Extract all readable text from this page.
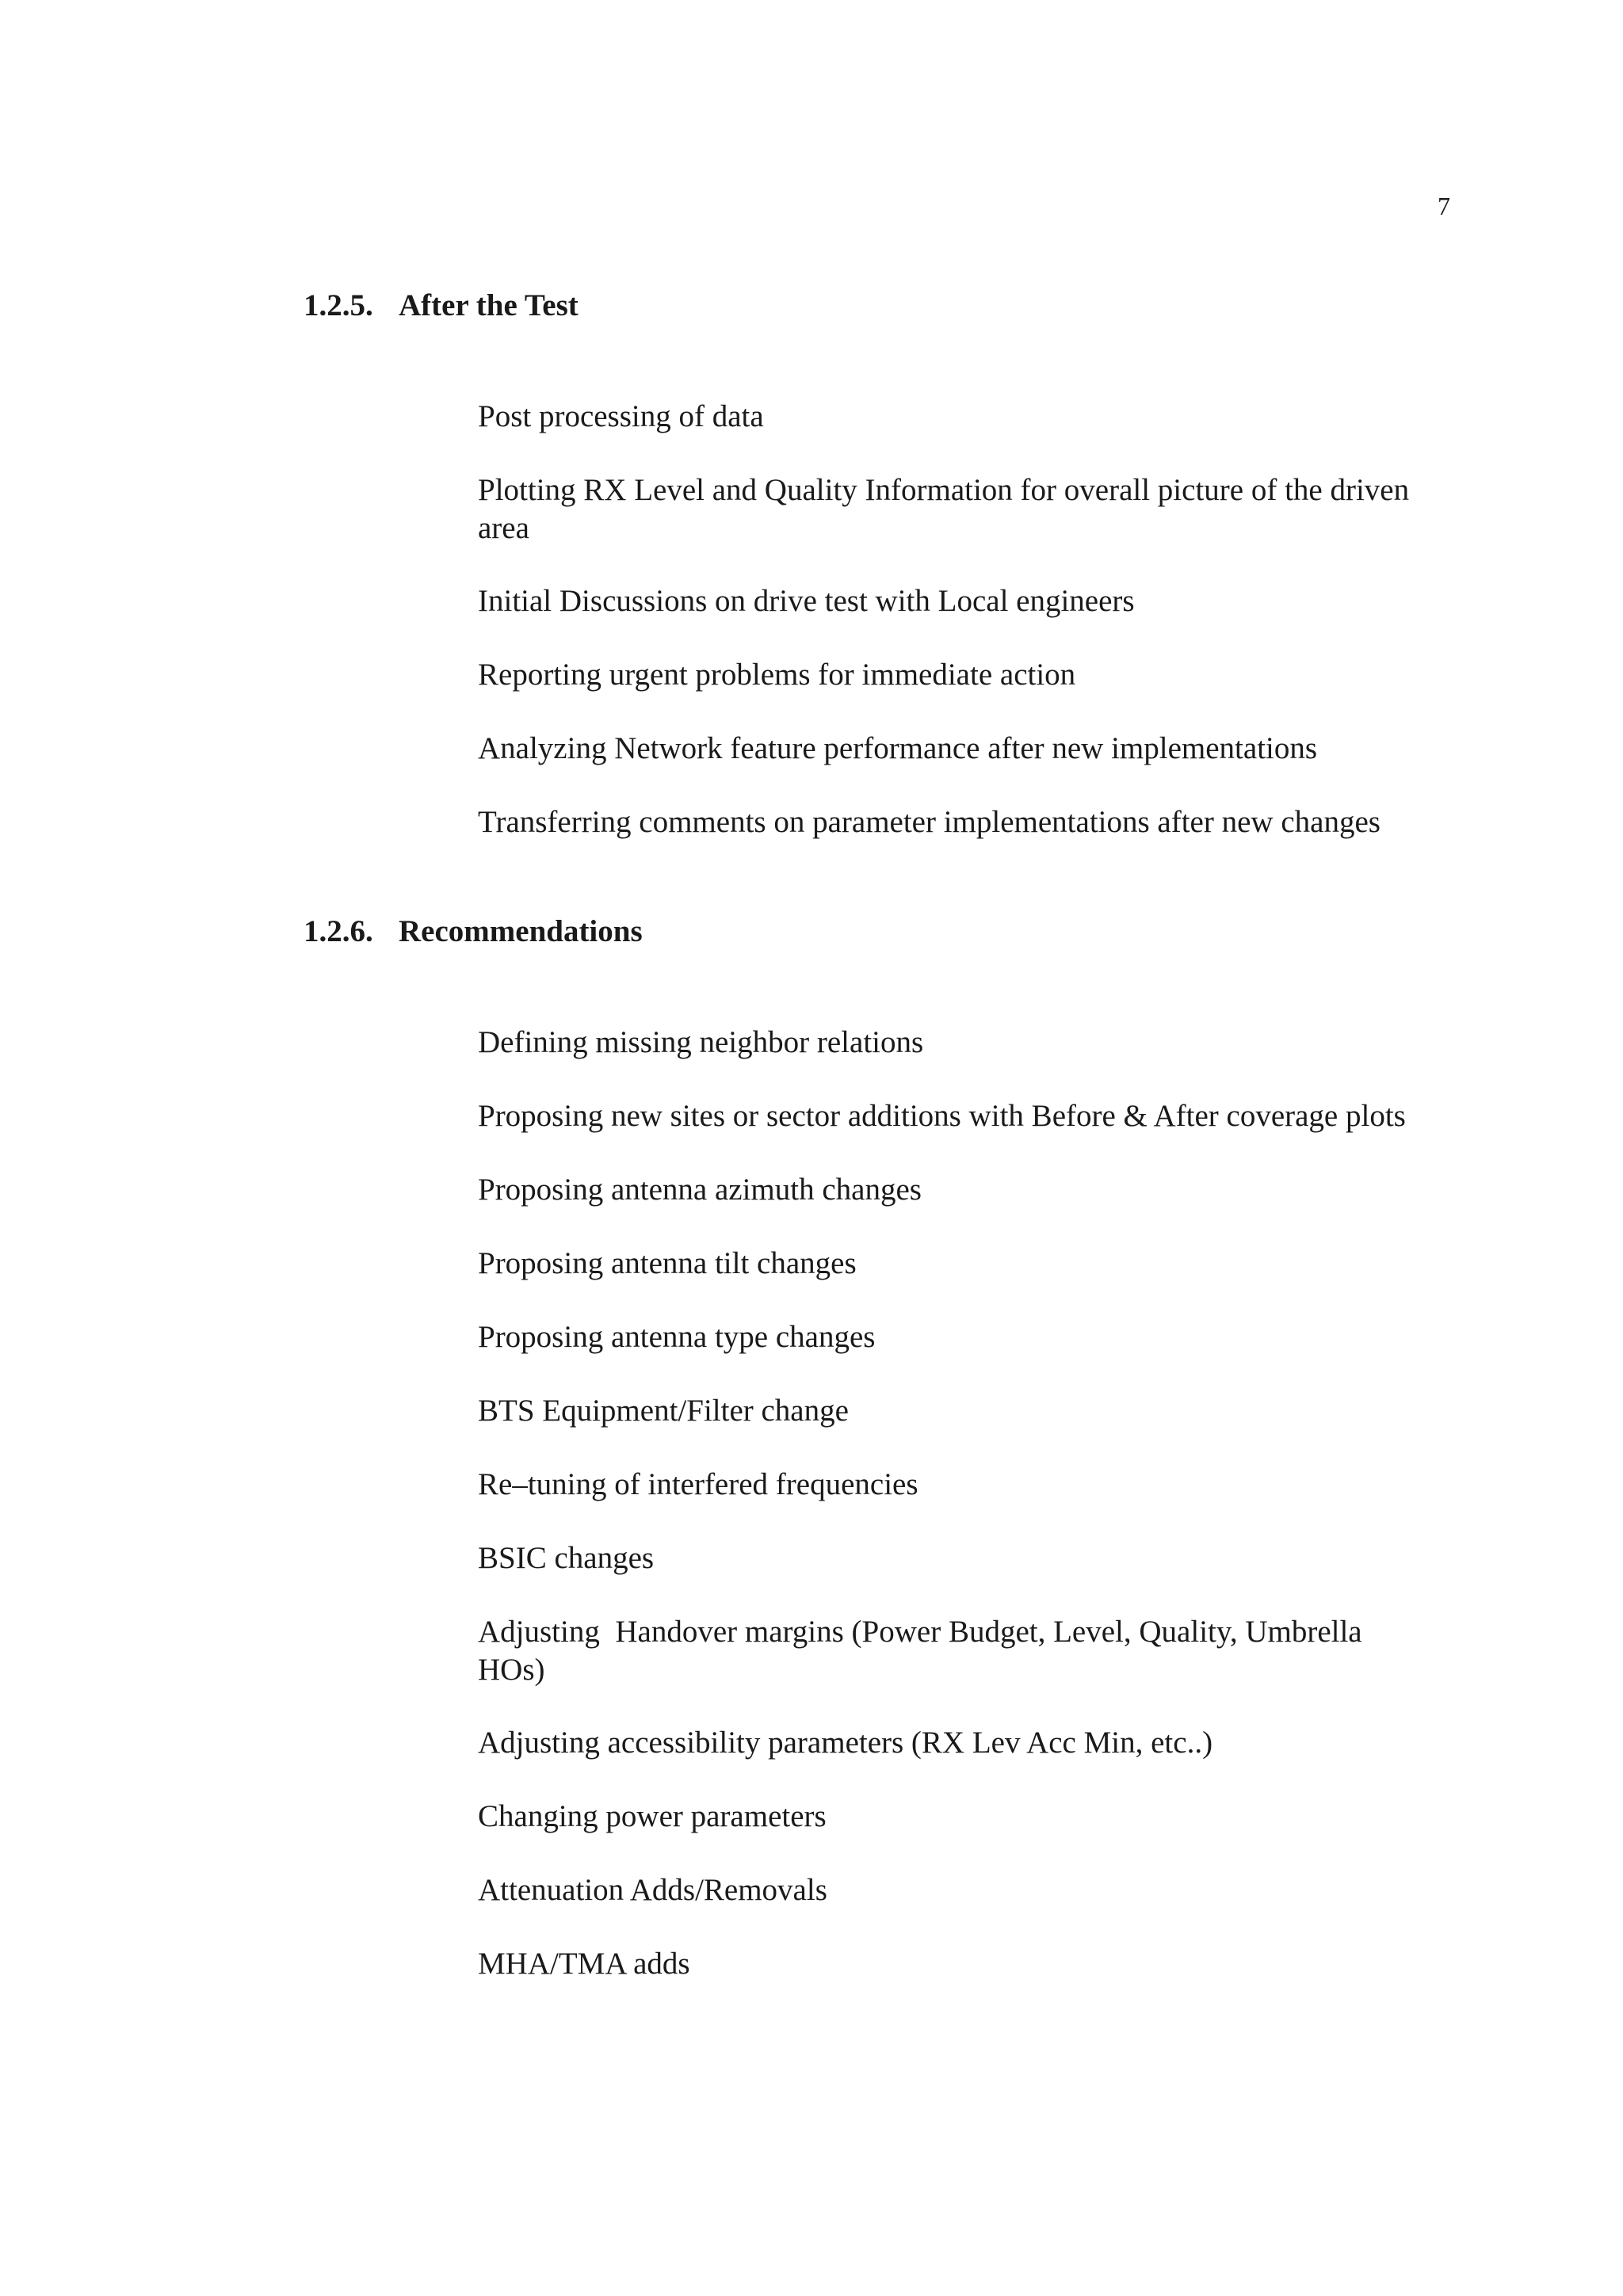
7
1.2.5. After the Test
Post processing of data
Plotting RX Level and Quality Information for overall picture of the driven area
Initial Discussions on drive test with Local engineers
Reporting urgent problems for immediate action
Analyzing Network feature performance after new implementations
Transferring comments on parameter implementations after new changes
1.2.6. Recommendations
Defining missing neighbor relations
Proposing new sites or sector additions with Before & After coverage plots
Proposing antenna azimuth changes
Proposing antenna tilt changes
Proposing antenna type changes
BTS Equipment/Filter change
Re–tuning of interfered frequencies
BSIC changes
Adjusting  Handover margins (Power Budget, Level, Quality, Umbrella HOs)
Adjusting accessibility parameters (RX Lev Acc Min, etc..)
Changing power parameters
Attenuation Adds/Removals
MHA/TMA adds
